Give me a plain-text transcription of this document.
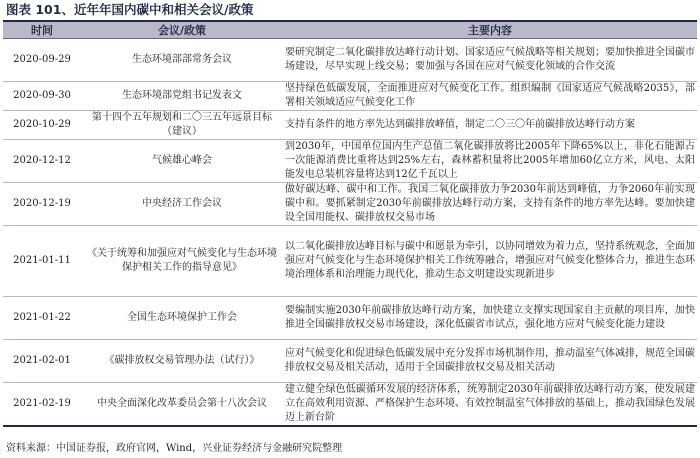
图表 101、近年年国内碳中和相关会议/政策
时间	会议/政策	主要内容
2020-09-29	生态环境部部常务会议	要研究制定二氧化碳排放达峰行动计划、国家适应气候战略等相关规划；要加快推进全国碳市场建设，尽早实现上线交易；要加强与各国在应对气候变化领域的合作交流
2020-09-30	生态环境部党组书记发表文	坚持绿色低碳发展，全面推进应对气候变化工作。组织编制《国家适应气候战略2035》，部署相关领域适应气候变化工作
2020-10-29	第十四个五年规划和二〇三五年远景目标（建议）	支持有条件的地方率先达到碳排放峰值，制定二〇三〇年前碳排放达峰行动方案
2020-12-12	气候雄心峰会	到2030年，中国单位国内生产总值二氧化碳排放将比2005年下降65%以上，非化石能源占一次能源消费比重将达到25%左右，森林蓄积量将比2005年增加60亿立方米，风电、太阳能发电总装机容量将达到12亿千瓦以上
2020-12-19	中央经济工作会议	做好碳达峰、碳中和工作。我国二氧化碳排放力争2030年前达到峰值，力争2060年前实现碳中和。要抓紧制定2030年前碳排放达峰行动方案，支持有条件的地方率先达峰。要加快建设全国用能权、碳排放权交易市场
2021-01-11	《关于统筹和加强应对气候变化与生态环境保护相关工作的指导意见》	以二氧化碳排放达峰目标与碳中和愿景为牵引，以协同增效为着力点，坚持系统观念，全面加强应对气候变化与生态环境保护相关工作统筹融合，增强应对气候变化整体合力，推进生态环境治理体系和治理能力现代化，推动生态文明建设实现新进步
2021-01-22	全国生态环境保护工作会	要编制实施2030年前碳排放达峰行动方案，加快建立支撑实现国家自主贡献的项目库，加快推进全国碳排放权交易市场建设，深化低碳省市试点，强化地方应对气候变化能力建设
2021-02-01	《碳排放权交易管理办法（试行）》	应对气候变化和促进绿色低碳发展中充分发挥市场机制作用，推动温室气体减排，规范全国碳排放权交易及相关活动，适用于全国碳排放权交易及相关活动
2021-02-19	中央全面深化改革委员会第十八次会议	建立健全绿色低碳循环发展的经济体系，统筹制定2030年前碳排放达峰行动方案，使发展建立在高效利用资源、严格保护生态环境、有效控制温室气体排放的基础上，推动我国绿色发展迈上新台阶
资料来源：中国证券报，政府官网，Wind，兴业证券经济与金融研究院整理
